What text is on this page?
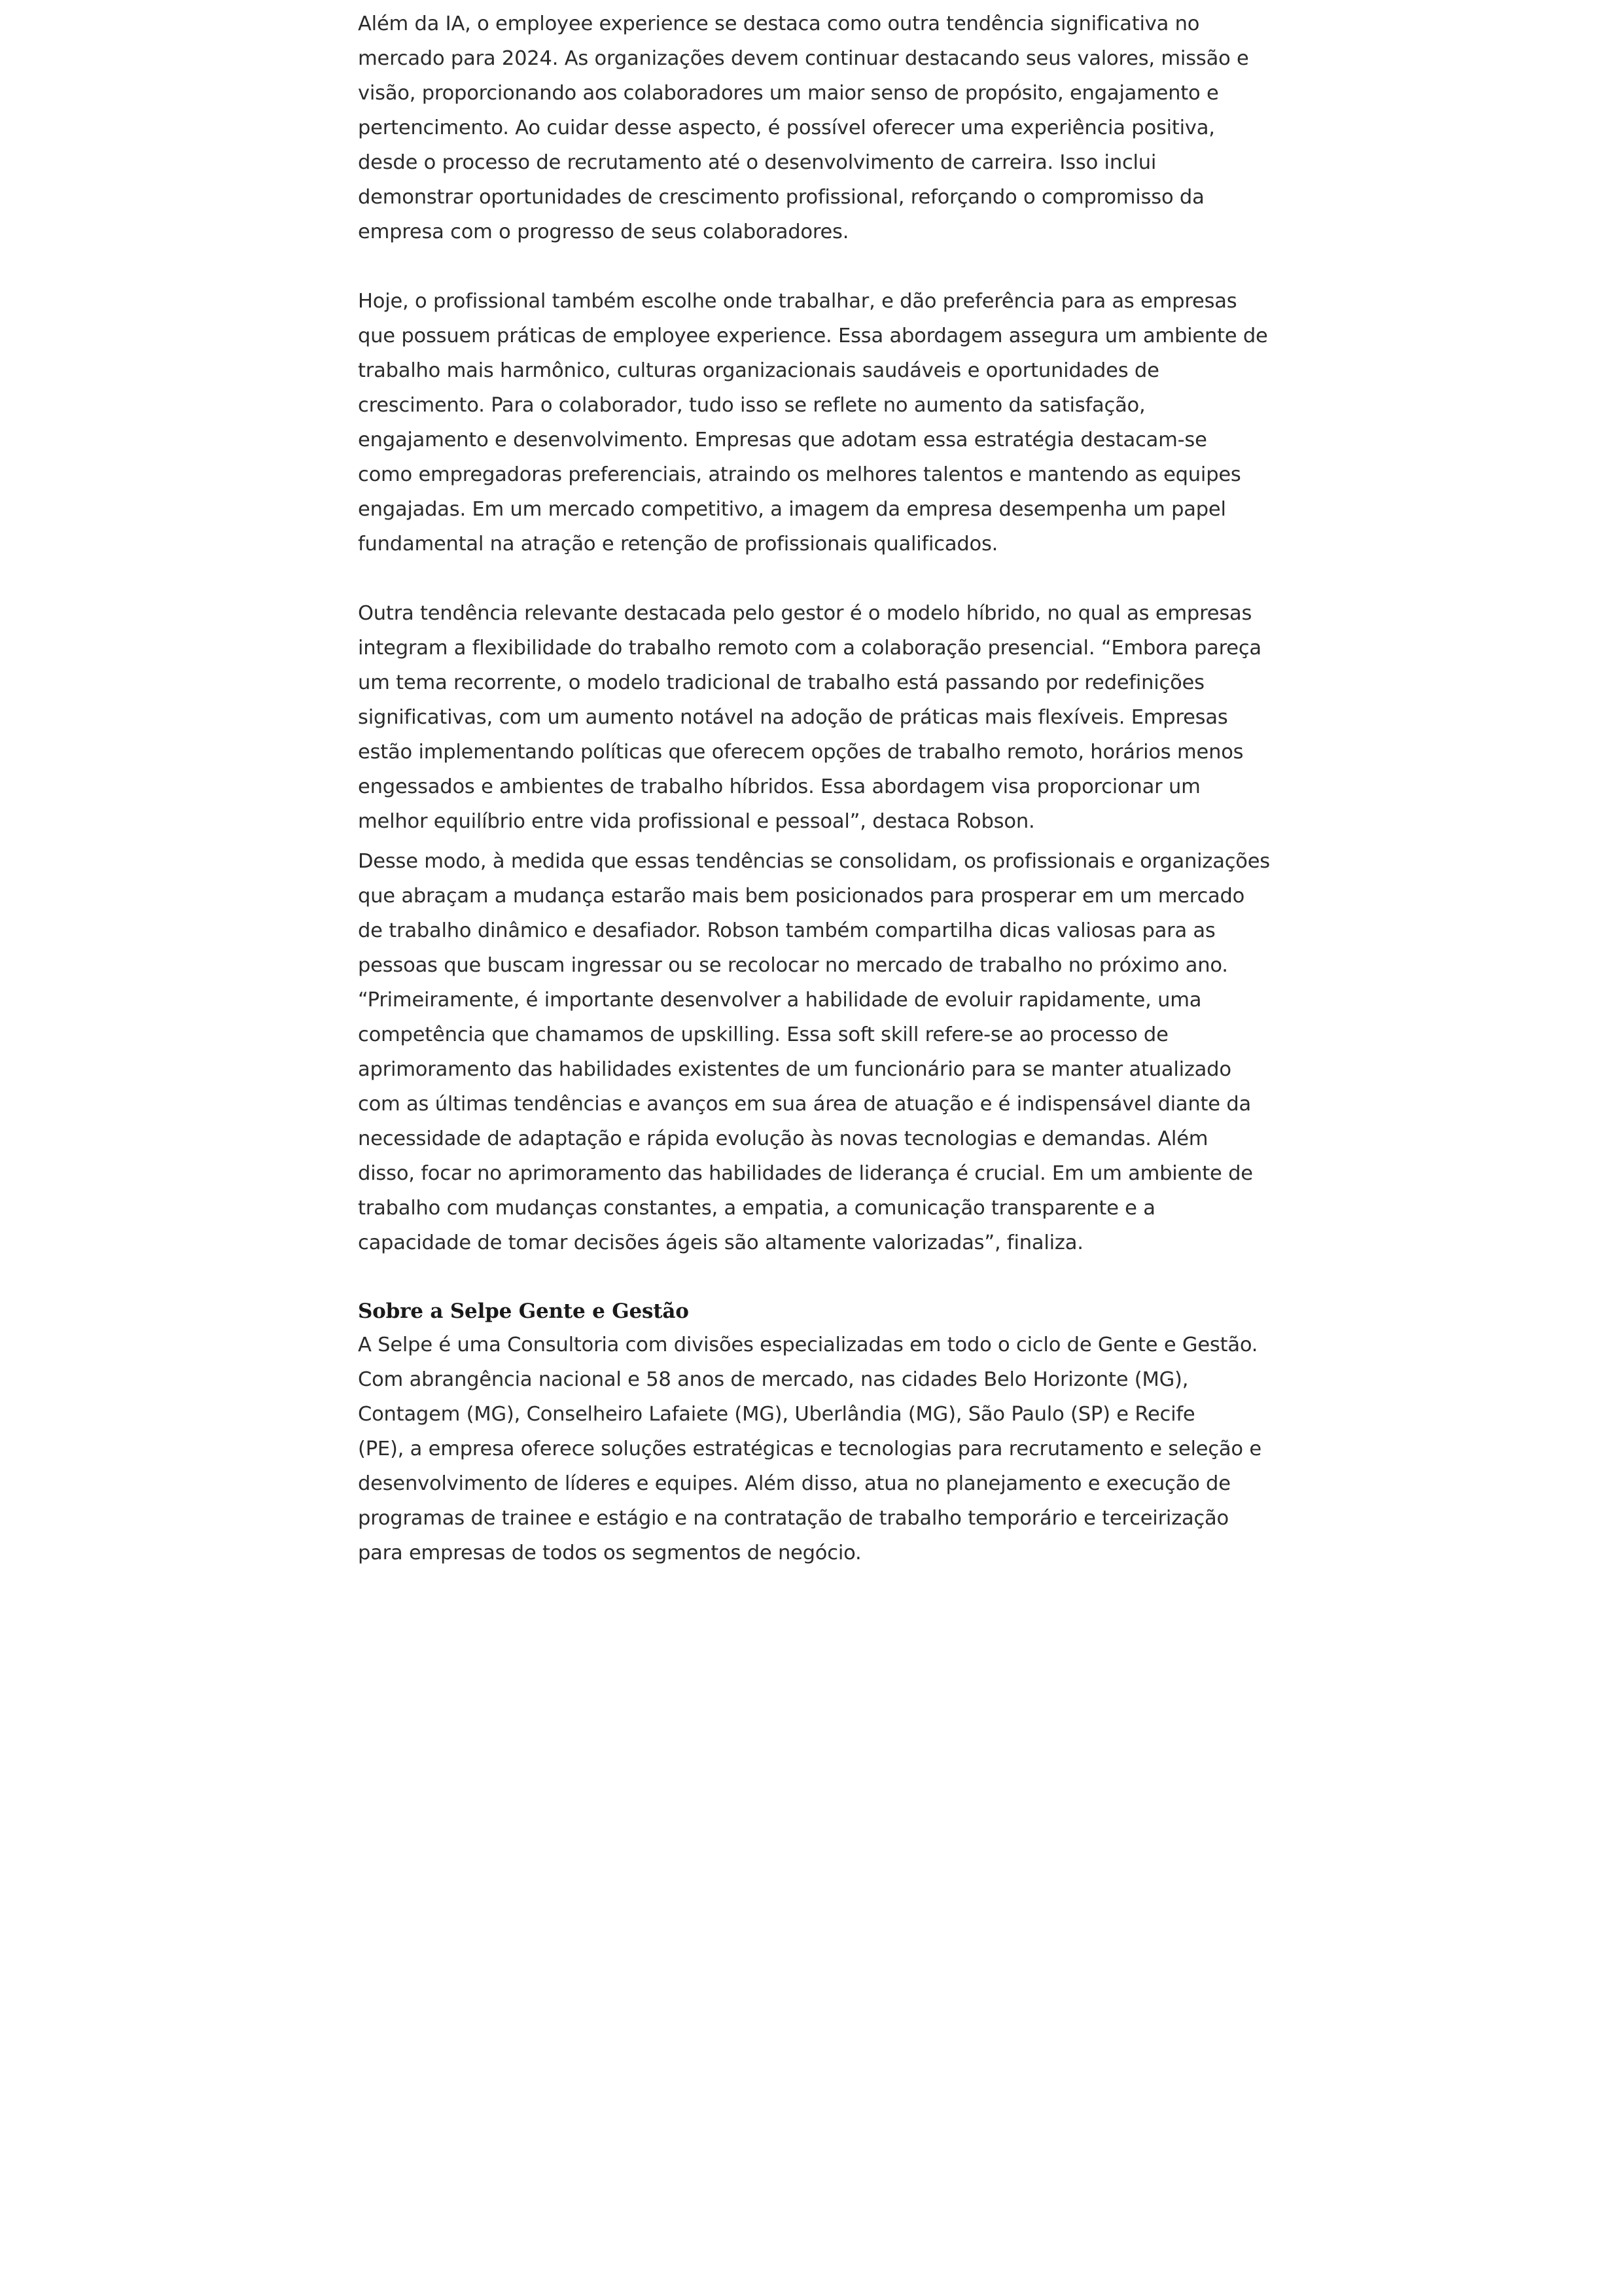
Além da IA, o employee experience se destaca como outra tendência significativa no
mercado para 2024. As organizações devem continuar destacando seus valores, missão e
visão, proporcionando aos colaboradores um maior senso de propósito, engajamento e
pertencimento. Ao cuidar desse aspecto, é possível oferecer uma experiência positiva,
desde o processo de recrutamento até o desenvolvimento de carreira. Isso inclui
demonstrar oportunidades de crescimento profissional, reforçando o compromisso da
empresa com o progresso de seus colaboradores.

Hoje, o profissional também escolhe onde trabalhar, e dão preferência para as empresas
que possuem práticas de employee experience. Essa abordagem assegura um ambiente de
trabalho mais harmônico, culturas organizacionais saudáveis e oportunidades de
crescimento. Para o colaborador, tudo isso se reflete no aumento da satisfação,
engajamento e desenvolvimento. Empresas que adotam essa estratégia destacam-se
como empregadoras preferenciais, atraindo os melhores talentos e mantendo as equipes
engajadas. Em um mercado competitivo, a imagem da empresa desempenha um papel
fundamental na atração e retenção de profissionais qualificados.

Outra tendência relevante destacada pelo gestor é o modelo híbrido, no qual as empresas
integram a flexibilidade do trabalho remoto com a colaboração presencial. “Embora pareça
um tema recorrente, o modelo tradicional de trabalho está passando por redefinições
significativas, com um aumento notável na adoção de práticas mais flexíveis. Empresas
estão implementando políticas que oferecem opções de trabalho remoto, horários menos
engessados e ambientes de trabalho híbridos. Essa abordagem visa proporcionar um
melhor equilíbrio entre vida profissional e pessoal”, destaca Robson.

Desse modo, à medida que essas tendências se consolidam, os profissionais e organizações
que abraçam a mudança estarão mais bem posicionados para prosperar em um mercado
de trabalho dinâmico e desafiador. Robson também compartilha dicas valiosas para as
pessoas que buscam ingressar ou se recolocar no mercado de trabalho no próximo ano.
“Primeiramente, é importante desenvolver a habilidade de evoluir rapidamente, uma
competência que chamamos de upskilling. Essa soft skill refere-se ao processo de
aprimoramento das habilidades existentes de um funcionário para se manter atualizado
com as últimas tendências e avanços em sua área de atuação e é indispensável diante da
necessidade de adaptação e rápida evolução às novas tecnologias e demandas. Além
disso, focar no aprimoramento das habilidades de liderança é crucial. Em um ambiente de
trabalho com mudanças constantes, a empatia, a comunicação transparente e a
capacidade de tomar decisões ágeis são altamente valorizadas”, finaliza.

Sobre a Selpe Gente e Gestão

A Selpe é uma Consultoria com divisões especializadas em todo o ciclo de Gente e Gestão.
Com abrangência nacional e 58 anos de mercado, nas cidades Belo Horizonte (MG),
Contagem (MG), Conselheiro Lafaiete (MG), Uberlândia (MG), São Paulo (SP) e Recife
(PE), a empresa oferece soluções estratégicas e tecnologias para recrutamento e seleção e
desenvolvimento de líderes e equipes. Além disso, atua no planejamento e execução de
programas de trainee e estágio e na contratação de trabalho temporário e terceirização
para empresas de todos os segmentos de negócio.
